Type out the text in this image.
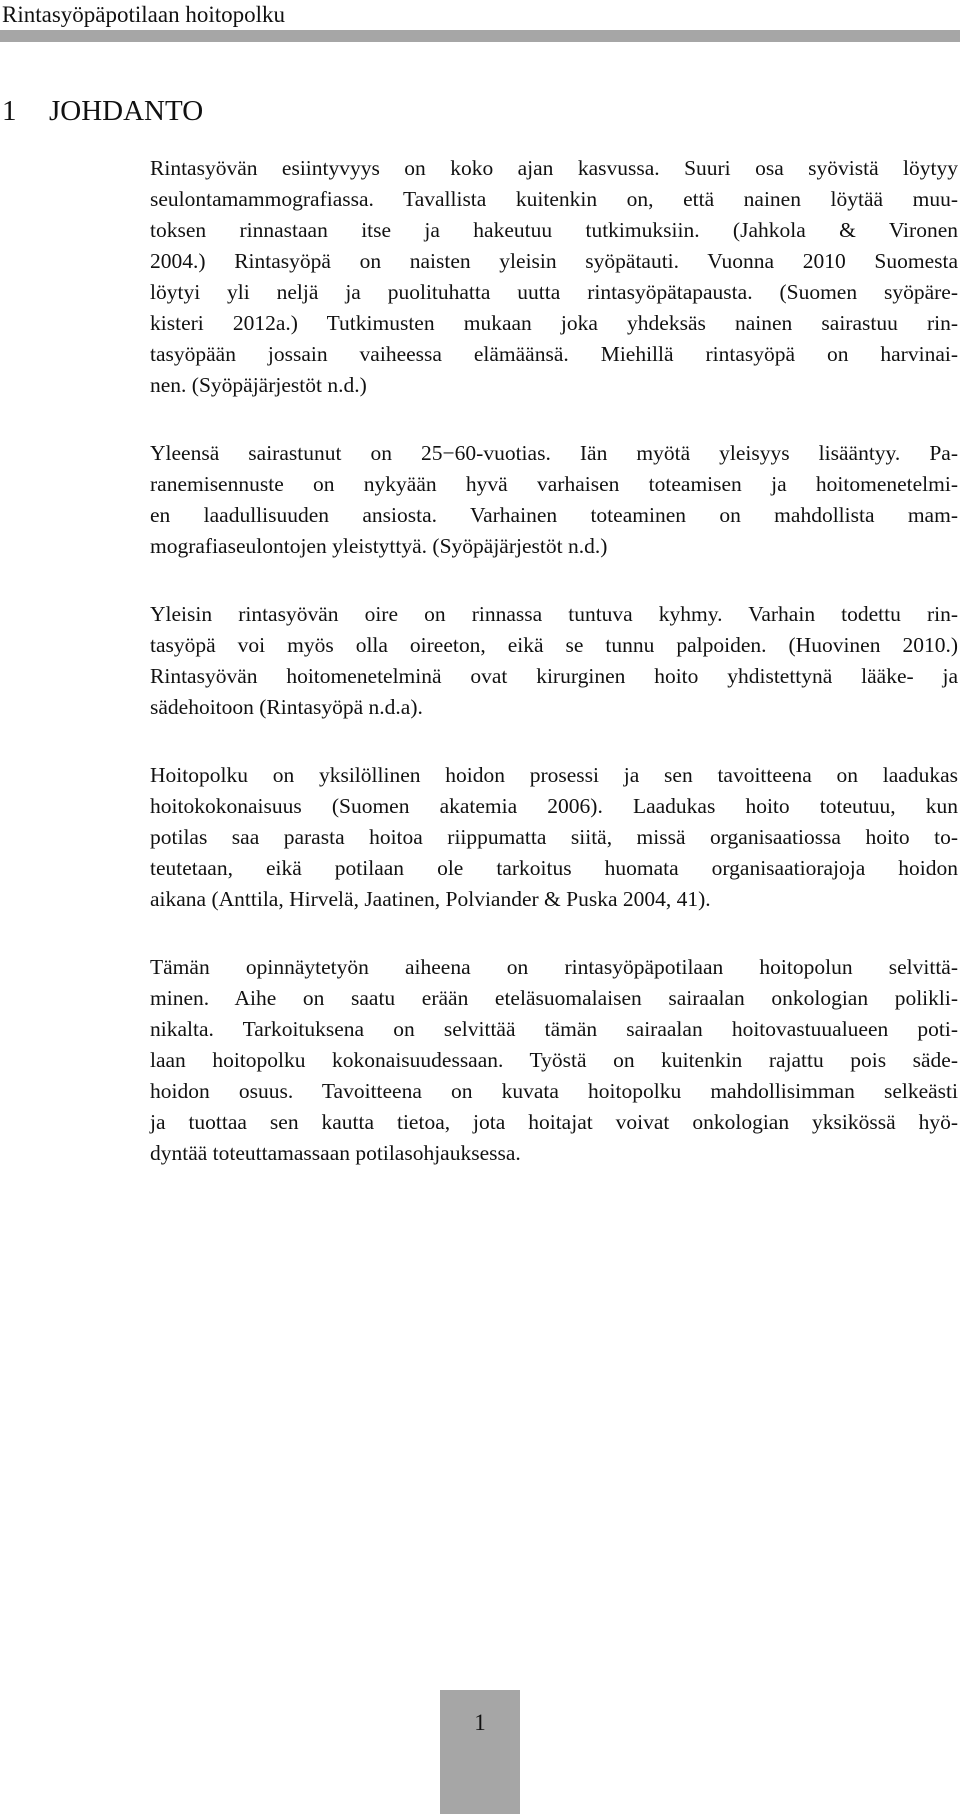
Rintasyöpäpotilaan hoitopolku
1 JOHDANTO

Rintasyövän esiintyvyys on koko ajan kasvussa. Suuri osa syövistä löytyy
seulontamammografiassa. Tavallista kuitenkin on, että nainen löytää muu-
toksen rinnastaan itse ja hakeutuu tutkimuksiin. (Jahkola & Vironen
2004.) Rintasyöpä on naisten yleisin syöpätauti. Vuonna 2010 Suomesta
löytyi yli neljä ja puolituhatta uutta rintasyöpätapausta. (Suomen syöpäre-
kisteri 2012a.) Tutkimusten mukaan joka yhdeksäs nainen sairastuu rin-
tasyöpään jossain vaiheessa elämäänsä. Miehillä rintasyöpä on harvinai-
nen. (Syöpäjärjestöt n.d.)

Yleensä sairastunut on 25−60-vuotias. Iän myötä yleisyys lisääntyy. Pa-
ranemisennuste on nykyään hyvä varhaisen toteamisen ja hoitomenetelmi-
en laadullisuuden ansiosta. Varhainen toteaminen on mahdollista mam-
mografiaseulontojen yleistyttyä. (Syöpäjärjestöt n.d.)

Yleisin rintasyövän oire on rinnassa tuntuva kyhmy. Varhain todettu rin-
tasyöpä voi myös olla oireeton, eikä se tunnu palpoiden. (Huovinen 2010.)
Rintasyövän hoitomenetelminä ovat kirurginen hoito yhdistettynä lääke- ja
sädehoitoon (Rintasyöpä n.d.a).

Hoitopolku on yksilöllinen hoidon prosessi ja sen tavoitteena on laadukas
hoitokokonaisuus (Suomen akatemia 2006). Laadukas hoito toteutuu, kun
potilas saa parasta hoitoa riippumatta siitä, missä organisaatiossa hoito to-
teutetaan, eikä potilaan ole tarkoitus huomata organisaatiorajoja hoidon
aikana (Anttila, Hirvelä, Jaatinen, Polviander & Puska 2004, 41).

Tämän opinnäytetyön aiheena on rintasyöpäpotilaan hoitopolun selvittä-
minen. Aihe on saatu erään eteläsuomalaisen sairaalan onkologian polikli-
nikalta. Tarkoituksena on selvittää tämän sairaalan hoitovastuualueen poti-
laan hoitopolku kokonaisuudessaan. Työstä on kuitenkin rajattu pois säde-
hoidon osuus. Tavoitteena on kuvata hoitopolku mahdollisimman selkeästi
ja tuottaa sen kautta tietoa, jota hoitajat voivat onkologian yksikössä hyö-
dyntää toteuttamassaan potilasohjauksessa.

1
